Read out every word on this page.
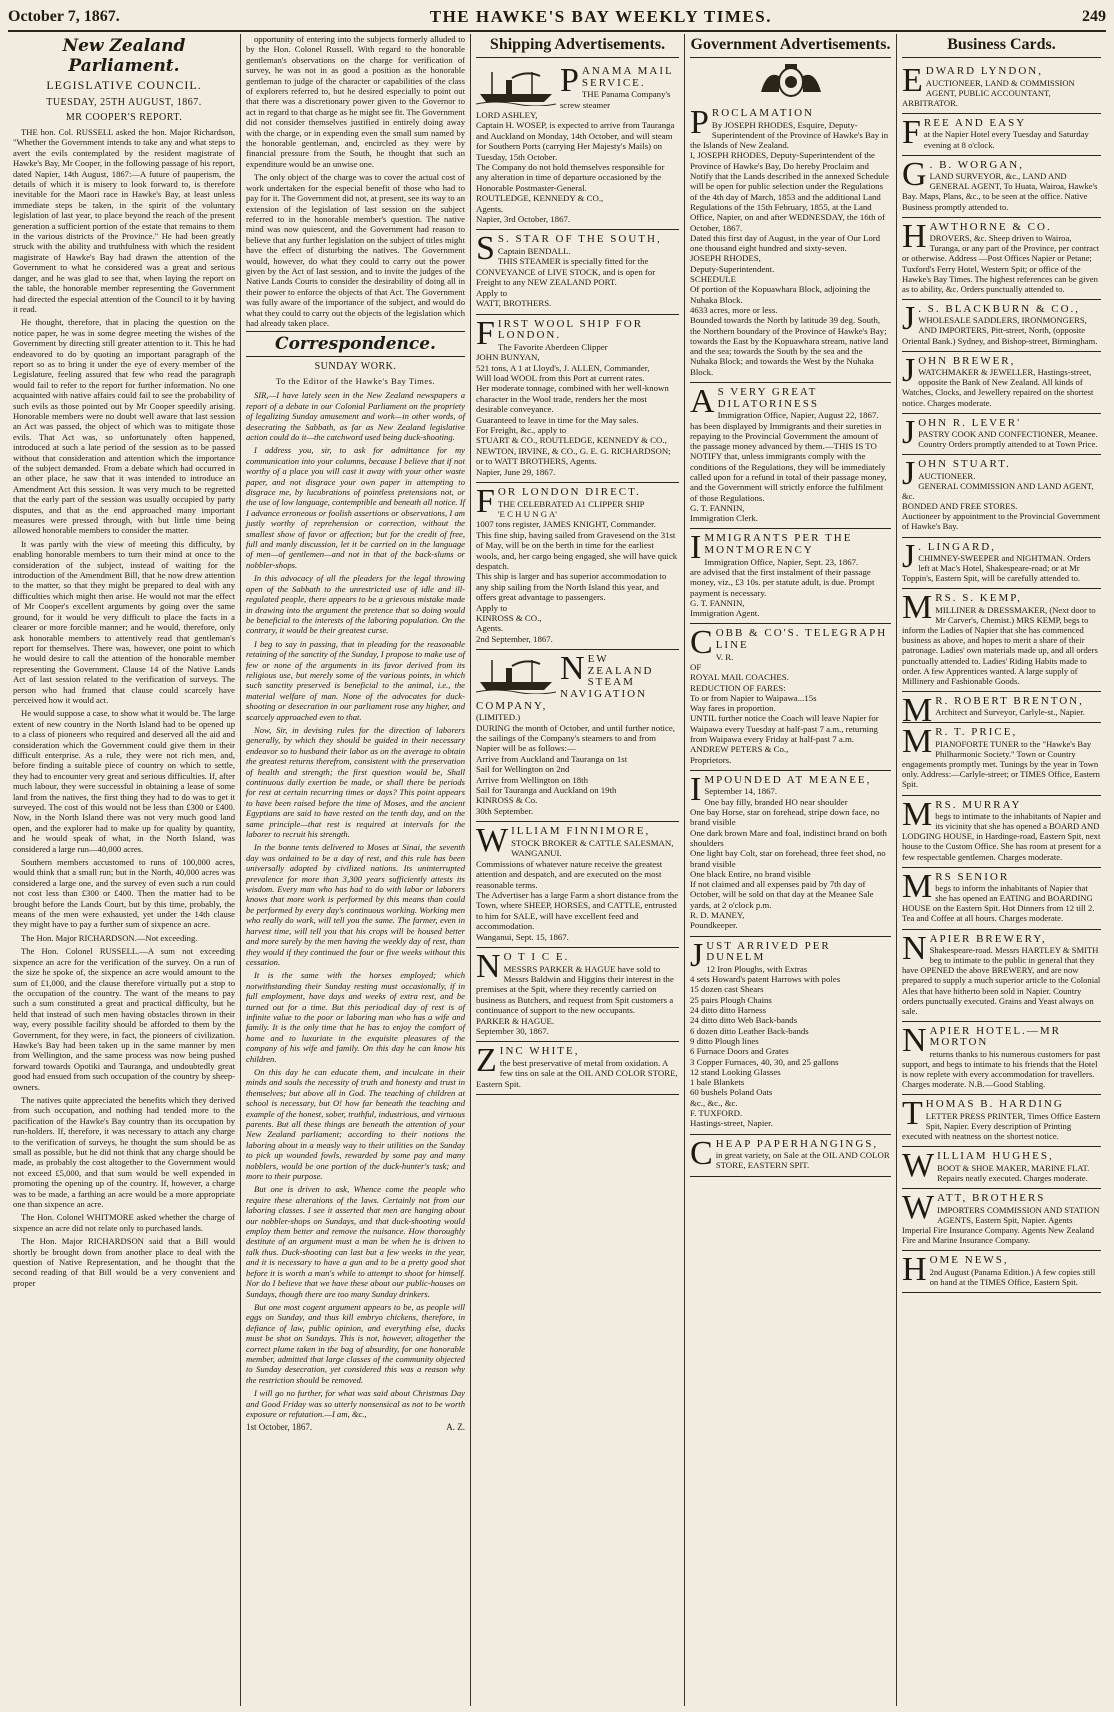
October 7, 1867.	THE HAWKE'S BAY WEEKLY TIMES.	249
New Zealand Parliament.
LEGISLATIVE COUNCIL.
TUESDAY, 25TH AUGUST, 1867.
MR COOPER'S REPORT.

THE hon. Col. RUSSELL asked the hon. Major Richardson, "Whether the Government intends to take any and what steps to avert the evils contemplated by the resident magistrate of Hawke's Bay, Mr Cooper, in the following passage of his report, dated Napier, 14th August, 1867:—A future of pauperism, the details of which it is misery to look forward to, is therefore inevitable for the Maori race in Hawke's Bay, at least unless immediate steps be taken, in the spirit of the voluntary legislation of last year, to place beyond the reach of the present generation a sufficient portion of the estate that remains to them in the various districts of the Province." He had been greatly struck with the ability and truthfulness with which the resident magistrate of Hawke's Bay had drawn the attention of the Government to what he considered was a great and serious danger, and he was glad to see that, when laying the report on the table, the honorable member representing the Government had directed the especial attention of the Council to it by having it read.

He thought, therefore, that in placing the question on the notice paper, he was in some degree meeting the wishes of the Government by directing still greater attention to it. This he had endeavored to do by quoting an important paragraph of the report so as to bring it under the eye of every member of the Legislature, feeling assured that few who read the paragraph would fail to refer to the report for further information. No one acquainted with native affairs could fail to see the probability of such evils as those pointed out by Mr Cooper speedily arising. Honorable members were no doubt well aware that last session an Act was passed, the object of which was to mitigate those evils. That Act was, so unfortunately often happened, introduced at such a late period of the session as to be passed without that consideration and attention which the importance of the subject demanded. From a debate which had occurred in an other place, he saw that it was intended to introduce an Amendment Act this session. It was very much to be regretted that the early part of the session was usually occupied by party disputes, and that as the end approached many important measures were pressed through, with but little time being allowed honorable members to consider the matter.

It was partly with the view of meeting this difficulty, by enabling honorable members to turn their mind at once to the consideration of the subject, instead of waiting for the introduction of the Amendment Bill, that he now drew attention to the matter, so that they might be prepared to deal with any difficulties which might then arise. He would not mar the effect of Mr Cooper's excellent arguments by going over the same ground, for it would be very difficult to place the facts in a clearer or more forcible manner; and he would, therefore, only ask honorable members to attentively read that gentleman's report for themselves. There was, however, one point to which he would desire to call the attention of the honorable member representing the Government. Clause 14 of the Native Lands Act of last session related to the verification of surveys. The person who had framed that clause could scarcely have perceived how it would act.

He would suppose a case, to show what it would be. The large extent of new country in the North Island had to be opened up to a class of pioneers who required and deserved all the aid and consideration which the Government could give them in their difficult enterprise. As a rule, they were not rich men, and, before finding a suitable piece of country on which to settle, they had to encounter very great and serious difficulties. If, after much labour, they were successful in obtaining a lease of some land from the natives, the first thing they had to do was to get it surveyed. The cost of this would not be less than £300 or £400. Now, in the North Island there was not very much good land open, and the explorer had to make up for quality by quantity, and he would speak of what, in the North Island, was considered a large run—40,000 acres.

Southern members accustomed to runs of 100,000 acres, would think that a small run; but in the North, 40,000 acres was considered a large one, and the survey of even such a run could not cost less than £300 or £400. Then the matter had to be brought before the Lands Court, but by this time, probably, the means of the men were exhausted, yet under the 14th clause they might have to pay a further sum of sixpence an acre.

The Hon. Major RICHARDSON.—Not exceeding.

The Hon. Colonel RUSSELL.—A sum not exceeding sixpence an acre for the verification of the survey. On a run of the size he spoke of, the sixpence an acre would amount to the sum of £1,000, and the clause therefore virtually put a stop to the occupation of the country. The want of the means to pay such a sum constituted a great and practical difficulty, but he held that instead of such men having obstacles thrown in their way, every possible facility should be afforded to them by the Government, for they were, in fact, the pioneers of civilization. Hawke's Bay had been taken up in the same manner by men from Wellington, and the same process was now being pushed forward towards Opotiki and Tauranga, and undoubtedly great good had ensued from such occupation of the country by sheep-owners.

The natives quite appreciated the benefits which they derived from such occupation, and nothing had tended more to the pacification of the Hawke's Bay country than its occupation by run-holders. If, therefore, it was necessary to attach any charge to the verification of surveys, he thought the sum should be as small as possible, but he did not think that any charge should be made, as probably the cost altogether to the Government would not exceed £5,000, and that sum would be well expended in promoting the opening up of the country. If, however, a charge was to be made, a farthing an acre would be a more appropriate one than sixpence an acre.

The Hon. Colonel WHITMORE asked whether the charge of sixpence an acre did not relate only to purchased lands.

The Hon. Major RICHARDSON said that a Bill would shortly be brought down from another place to deal with the question of Native Representation, and he thought that the second reading of that Bill would be a very convenient and proper

opportunity of entering into the subjects formerly alluded to by the Hon. Colonel Russell. With regard to the honorable gentleman's observations on the charge for verification of survey, he was not in as good a position as the honorable gentleman to judge of the character or capabilities of the class of explorers referred to, but he desired especially to point out that there was a discretionary power given to the Governor to act in regard to that charge as he might see fit. The Government did not consider themselves justified in entirely doing away with the charge, or in expending even the small sum named by the honorable gentleman, and, encircled as they were by financial pressure from the South, he thought that such an expenditure would be an unwise one.

The only object of the charge was to cover the actual cost of work undertaken for the especial benefit of those who had to pay for it. The Government did not, at present, see its way to an extension of the legislation of last session on the subject referred to in the honorable member's question. The native mind was now quiescent, and the Government had reason to believe that any further legislation on the subject of titles might have the effect of disturbing the natives. The Government would, however, do what they could to carry out the power given by the Act of last session, and to invite the judges of the Native Lands Courts to consider the desirability of doing all in their power to enforce the objects of that Act. The Government was fully aware of the importance of the subject, and would do what they could to carry out the objects of the legislation which had already taken place.

Correspondence.
SUNDAY WORK.
To the Editor of the Hawke's Bay Times.

SIR,—I have lately seen in the New Zealand newspapers a report of a debate in our Colonial Parliament on the propriety of legalizing Sunday amusement and work—in other words, of desecrating the Sabbath, as far as New Zealand legislative action could do it—the catchword used being duck-shooting.

I address you, sir, to ask for admittance for my communication into your columns, because I believe that if not worthy of a place you will cast it away with your other waste paper, and not disgrace your own paper in attempting to disgrace me, by lucubrations of pointless pretensions not, or the use of low language, contemptible and beneath all notice. If I advance erroneous or foolish assertions or observations, I am justly worthy of reprehension or correction, without the smallest show of favor or affection; but for the credit of free, full and manly discussion, let it be carried on in the language of men—of gentlemen—and not in that of the back-slums or nobbler-shops.

In this advocacy of all the pleaders for the legal throwing open of the Sabbath to the unrestricted use of idle and ill-regulated people, there appears to be a grievous mistake made in drawing into the argument the pretence that so doing would be beneficial to the interests of the laboring population. On the contrary, it would be their greatest curse.

I beg to say in passing, that in pleading for the reasonable retaining of the sanctity of the Sunday, I propose to make use of few or none of the arguments in its favor derived from its religious use, but merely some of the various points, in which such sanctity preserved is beneficial to the animal, i.e., the material welfare of man. None of the advocates for duck-shooting or desecration in our parliament rose any higher, and scarcely approached even to that.

Now, Sir, in devising rules for the direction of laborers generally, by which they should be guided in their necessary endeavor so to husband their labor as on the average to obtain the greatest returns therefrom, consistent with the preservation of health and strength; the first question would be, Shall continuous daily exertion be made, or shall there be periods for rest at certain recurring times or days? This point appears to have been raised before the time of Moses, and the ancient Egyptians are said to have rested on the tenth day, and on the same principle—that rest is required at intervals for the laborer to recruit his strength.

In the bonne tents delivered to Moses at Sinai, the seventh day was ordained to be a day of rest, and this rule has been universally adopted by civilized nations. Its uninterrupted prevalence for more than 3,300 years sufficiently attests its wisdom. Every man who has had to do with labor or laborers knows that more work is performed by this means than could be performed by every day's continuous working. Working men who really do work, will tell you the same. The farmer, even in harvest time, will tell you that his crops will be housed better and more surely by the men having the weekly day of rest, than they would if they continued the four or five weeks without this cessation.

It is the same with the horses employed; which notwithstanding their Sunday resting must occasionally, if in full employment, have days and weeks of extra rest, and be turned out for a time. But this periodical day of rest is of infinite value to the poor or laboring man who has a wife and family. It is the only time that he has to enjoy the comfort of home and to luxuriate in the exquisite pleasures of the company of his wife and family. On this day he can know his children.

On this day he can educate them, and inculcate in their minds and souls the necessity of truth and honesty and trust in themselves; but above all in God. The teaching of children at school is necessary, but O! how far beneath the teaching and example of the honest, sober, truthful, industrious, and virtuous parents. But all these things are beneath the attention of your New Zealand parliament; according to their notions the laboring about in a measly way to their utilities on the Sunday to pick up wounded fowls, rewarded by some pay and many nobblers, would be one portion of the duck-hunter's task; and more to their purpose.

But one is driven to ask, Whence come the people who require these alterations of the laws. Certainly not from our laboring classes. I see it asserted that men are hanging about our nobbler-shops on Sundays, and that duck-shooting would employ them better and remove the nuisance. How thoroughly destitute of an argument must a man be when he is driven to talk thus. Duck-shooting can last but a few weeks in the year, and it is necessary to have a gun and to be a pretty good shot before it is worth a man's while to attempt to shoot for himself. Nor do I believe that we have these about our public-houses on Sundays, though there are too many Sunday drinkers.

But one most cogent argument appears to be, as people will eggs on Sunday, and thus kill embryo chickens, therefore, in defiance of law, public opinion, and everything else, ducks must be shot on Sundays. This is not, however, altogether the correct plume taken in the bag of absurdity, for one honorable member, admitted that large classes of the community objected to Sunday desecration, yet considered this was a reason why the restriction should be removed.

I will go no further, for what was said about Christmas Day and Good Friday was so utterly nonsensical as not to be worth exposure or refutation.—I am, &c.,

1st October, 1867.	A. Z.
Shipping Advertisements.
P ANAMA MAIL SERVICE.
THE Panama Company's screw steamer
LORD ASHLEY,
Captain H. WOSEP, is expected to arrive from Tauranga and Auckland on Monday, 14th October, and will steam for Southern Ports (carrying Her Majesty's Mails) on Tuesday, 15th October.
The Company do not hold themselves responsible for any alteration in time of departure occasioned by the Honorable Postmaster-General.
ROUTLEDGE, KENNEDY & CO.,
Agents.
Napier, 3rd October, 1867.
S S. STAR OF THE SOUTH,
Captain BENDALL.
THIS STEAMER is specially fitted for the CONVEYANCE of LIVE STOCK, and is open for Freight to any NEW ZEALAND PORT.
Apply to
WATT, BROTHERS.
F IRST WOOL SHIP FOR LONDON.
The Favorite Aberdeen Clipper
JOHN BUNYAN,
521 tons, A 1 at Lloyd's, J. ALLEN, Commander,
Will load WOOL from this Port at current rates.
Her moderate tonnage, combined with her well-known character in the Wool trade, renders her the most desirable conveyance.
Guaranteed to leave in time for the May sales.
For Freight, &c., apply to
STUART & CO., ROUTLEDGE, KENNEDY & CO., NEWTON, IRVINE, & CO., G. E. G. RICHARDSON; or to WATT BROTHERS, Agents.
Napier, June 29, 1867.
F OR LONDON DIRECT.
THE CELEBRATED A1 CLIPPER SHIP
'E C H U N G A'
1007 tons register, JAMES KNIGHT, Commander.
This fine ship, having sailed from Gravesend on the 31st of May, will be on the berth in time for the earliest wools, and, her cargo being engaged, she will have quick despatch.
This ship is larger and has superior accommodation to any ship sailing from the North Island this year, and offers great advantage to passengers.
Apply to
KINROSS & CO.,
Agents.
2nd September, 1867.
N EW ZEALAND STEAM NAVIGATION COMPANY,
(LIMITED.)
DURING the month of October, and until further notice, the sailings of the Company's steamers to and from Napier will be as follows:—
Arrive from Auckland and Tauranga on 1st
Sail for Wellington on 2nd
Arrive from Wellington on 18th
Sail for Tauranga and Auckland on 19th
KINROSS & Co.
30th September.
W ILLIAM FINNIMORE,
STOCK BROKER & CATTLE SALESMAN,
WANGANUI.
Commissions of whatever nature receive the greatest attention and despatch, and are executed on the most reasonable terms.
The Advertiser has a large Farm a short distance from the Town, where SHEEP, HORSES, and CATTLE, entrusted to him for SALE, will have excellent feed and accommodation.
Wanganui, Sept. 15, 1867.
N O T I C E.
MESSRS PARKER & HAGUE have sold to Messrs Baldwin and Higgins their interest in the premises at the Spit, where they recently carried on business as Butchers, and request from Spit customers a continuance of support to the new occupants.
PARKER & HAGUE.
September 30, 1867.
Z INC WHITE,
the best preservative of metal from oxidation. A few tins on sale at the OIL AND COLOR STORE, Eastern Spit.
Government Advertisements.
P ROCLAMATION
By JOSEPH RHODES, Esquire, Deputy-Superintendent of the Province of Hawke's Bay in the Islands of New Zealand.
I, JOSEPH RHODES, Deputy-Superintendent of the Province of Hawke's Bay, Do hereby Proclaim and Notify that the Lands described in the annexed Schedule will be open for public selection under the Regulations of the 4th day of March, 1853 and the additional Land Regulations of the 15th February, 1855, at the Land Office, Napier, on and after WEDNESDAY, the 16th of October, 1867.
Dated this first day of August, in the year of Our Lord one thousand eight hundred and sixty-seven.
JOSEPH RHODES,
Deputy-Superintendent.
SCHEDULE
Of portion of the Kopuawhara Block, adjoining the Nuhaka Block.
4633 acres, more or less.
Bounded towards the North by latitude 39 deg. South, the Northern boundary of the Province of Hawke's Bay; towards the East by the Kopuawhara stream, native land and the sea; towards the South by the sea and the Nuhaka Block; and towards the West by the Nuhaka Block.
A S VERY GREAT DILATORINESS
Immigration Office, Napier, August 22, 1867.
has been displayed by Immigrants and their sureties in repaying to the Provincial Government the amount of the passage money advanced by them.—THIS IS TO NOTIFY that, unless immigrants comply with the conditions of the Regulations, they will be immediately called upon for a refund in total of their passage money, and the Government will strictly enforce the fulfilment of those Regulations.
G. T. FANNIN,
Immigration Clerk.
I MMIGRANTS PER THE MONTMORENCY
Immigration Office, Napier, Sept. 23, 1867.
are advised that the first instalment of their passage money, viz., £3 10s. per statute adult, is due. Prompt payment is necessary.
G. T. FANNIN,
Immigration Agent.
C OBB & CO'S. TELEGRAPH LINE
V. R.
OF
ROYAL MAIL COACHES.
REDUCTION OF FARES:
To or from Napier to Waipawa...15s
Way fares in proportion.
UNTIL further notice the Coach will leave Napier for Waipawa every Tuesday at half-past 7 a.m., returning from Waipawa every Friday at half-past 7 a.m.
ANDREW PETERS & Co.,
Proprietors.
I MPOUNDED AT MEANEE,
September 14, 1867.
One bay filly, branded HO near shoulder
One bay Horse, star on forehead, stripe down face, no brand visible
One dark brown Mare and foal, indistinct brand on both shoulders
One light bay Colt, star on forehead, three feet shod, no brand visible
One black Entire, no brand visible
If not claimed and all expenses paid by 7th day of October, will be sold on that day at the Meanee Sale yards, at 2 o'clock p.m.
R. D. MANEY,
Poundkeeper.
J UST ARRIVED PER DUNELM
12 Iron Ploughs, with Extras
4 sets Howard's patent Harrows with poles
15 dozen cast Shears
25 pairs Plough Chains
24 ditto ditto Harness
24 ditto ditto Web Back-bands
6 dozen ditto Leather Back-bands
9 ditto Plough lines
6 Furnace Doors and Grates
3 Copper Furnaces, 40, 30, and 25 gallons
12 stand Looking Glasses
1 bale Blankets
60 bushels Poland Oats
&c., &c., &c.
F. TUXFORD.
Hastings-street, Napier.
C HEAP PAPERHANGINGS,
in great variety, on Sale at the OIL AND COLOR STORE, EASTERN SPIT.
Business Cards.
E DWARD LYNDON,
AUCTIONEER, LAND & COMMISSION AGENT, PUBLIC ACCOUNTANT, ARBITRATOR.
F REE AND EASY
at the Napier Hotel every Tuesday and Saturday evening at 8 o'clock.
G . B. WORGAN,
LAND SURVEYOR, &c., LAND AND GENERAL AGENT, To Huata, Wairoa, Hawke's Bay. Maps, Plans, &c., to be seen at the office. Native Business promptly attended to.
H AWTHORNE & CO.
DROVERS, &c. Sheep driven to Wairoa, Turanga, or any part of the Province, per contract or otherwise. Address —Post Offices Napier or Petane; Tuxford's Ferry Hotel, Western Spit; or office of the Hawke's Bay Times. The highest references can be given as to ability, &c. Orders punctually attended to.
J . S. BLACKBURN & CO.,
WHOLESALE SADDLERS, IRONMONGERS, AND IMPORTERS, Pitt-street, North, (opposite Oriental Bank.) Sydney, and Bishop-street, Birmingham.
J OHN BREWER,
WATCHMAKER & JEWELLER, Hastings-street, opposite the Bank of New Zealand. All kinds of Watches, Clocks, and Jewellery repaired on the shortest notice. Charges moderate.
J OHN R. LEVER'
PASTRY COOK AND CONFECTIONER, Meanee. Country Orders promptly attended to at Town Price.
J OHN STUART.
AUCTIONEER.
GENERAL COMMISSION AND LAND AGENT, &c.
BONDED AND FREE STORES.
Auctioneer by appointment to the Provincial Government of Hawke's Bay.
J . LINGARD,
CHIMNEY-SWEEPER and NIGHTMAN. Orders left at Mac's Hotel, Shakespeare-road; or at Mr Toppin's, Eastern Spit, will be carefully attended to.
M RS. S. KEMP,
MILLINER & DRESSMAKER, (Next door to Mr Carver's, Chemist.) MRS KEMP, begs to inform the Ladies of Napier that she has commenced business as above, and hopes to merit a share of their patronage. Ladies' own materials made up, and all orders punctually attended to. Ladies' Riding Habits made to order. A few Apprentices wanted. A large supply of Millinery and Fashionable Goods.
M R. ROBERT BRENTON,
Architect and Surveyor, Carlyle-st., Napier.
M R. T. PRICE,
PIANOFORTE TUNER to the "Hawke's Bay Philharmonic Society." Town or Country engagements promptly met. Tunings by the year in Town only. Address:—Carlyle-street; or TIMES Office, Eastern Spit.
M RS. MURRAY
begs to intimate to the inhabitants of Napier and its vicinity that she has opened a BOARD AND LODGING HOUSE, in Hardinge-road, Eastern Spit, next house to the Custom Office. She has room at present for a few respectable gentlemen. Charges moderate.
M RS SENIOR
begs to inform the inhabitants of Napier that she has opened an EATING and BOARDING HOUSE on the Eastern Spit. Hot Dinners from 12 till 2. Tea and Coffee at all hours. Charges moderate.
N APIER BREWERY,
Shakespeare-road. Messrs HARTLEY & SMITH beg to intimate to the public in general that they have OPENED the above BREWERY, and are now prepared to supply a much superior article to the Colonial Ales that have hitherto been sold in Napier. Country orders punctually executed. Grains and Yeast always on sale.
N APIER HOTEL.—MR MORTON
returns thanks to his numerous customers for past support, and begs to intimate to his friends that the Hotel is now replete with every accommodation for travellers. Charges moderate. N.B.—Good Stabling.
T HOMAS B. HARDING
LETTER PRESS PRINTER, Times Office Eastern Spit, Napier. Every description of Printing executed with neatness on the shortest notice.
W ILLIAM HUGHES,
BOOT & SHOE MAKER, MARINE FLAT. Repairs neatly executed. Charges moderate.
W ATT, BROTHERS
IMPORTERS COMMISSION AND STATION AGENTS, Eastern Spit, Napier. Agents Imperial Fire Insurance Company. Agents New Zealand Fire and Marine Insurance Company.
H OME NEWS,
2nd August (Panama Edition.) A few copies still on hand at the TIMES Office, Eastern Spit.
